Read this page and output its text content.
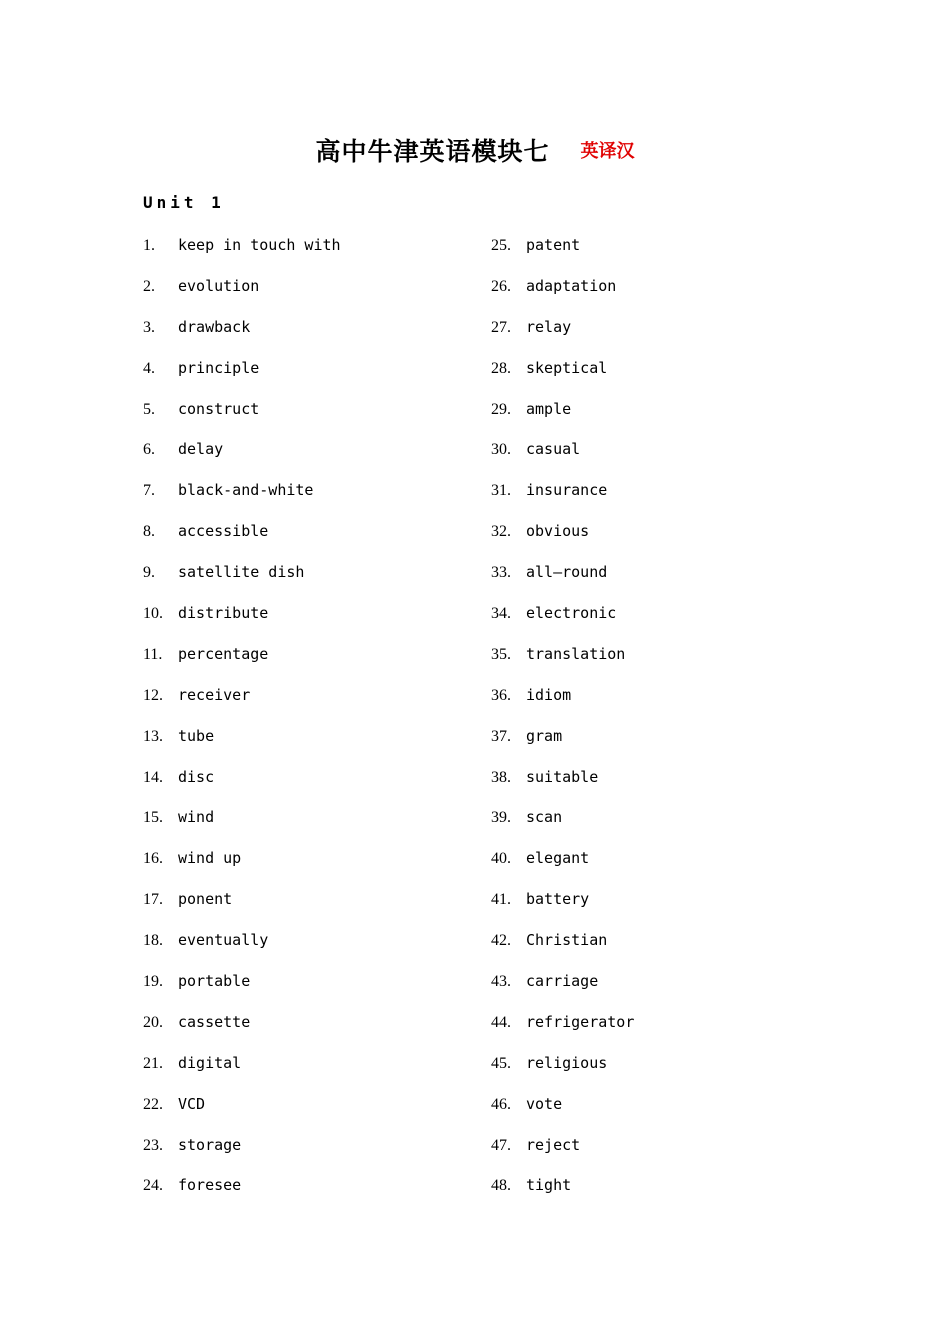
高中牛津英语模块七 英译汉
Unit 1
1. keep in touch with
2. evolution
3. drawback
4. principle
5. construct
6. delay
7. black-and-white
8. accessible
9. satellite dish
10. distribute
11. percentage
12. receiver
13. tube
14. disc
15. wind
16. wind up
17. ponent
18. eventually
19. portable
20. cassette
21. digital
22. VCD
23. storage
24. foresee
25. patent
26. adaptation
27. relay
28. skeptical
29. ample
30. casual
31. insurance
32. obvious
33. all—round
34. electronic
35. translation
36. idiom
37. gram
38. suitable
39. scan
40. elegant
41. battery
42. Christian
43. carriage
44. refrigerator
45. religious
46. vote
47. reject
48. tight
